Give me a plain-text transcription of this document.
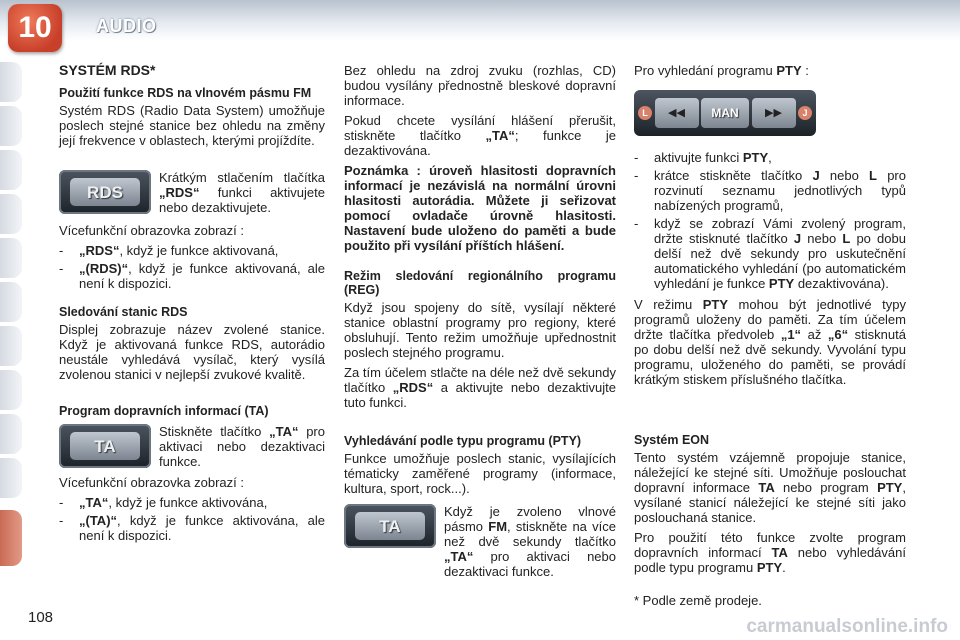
10	AUDIO
SYSTÉM RDS*
Použití funkce RDS na vlnovém pásmu FM

Systém RDS (Radio Data System) umožňuje poslech stejné stanice bez ohledu na změny její frekvence v oblastech, kterými projíždíte.

RDS

Krátkým stlačením tlačítka „RDS“ funkci aktivujete nebo dezaktivujete.

Vícefunkční obrazovka zobrazí :

- „RDS“, když je funkce aktivovaná,
- „(RDS)“, když je funkce aktivovaná, ale není k dispozici.
Sledování stanic RDS

Displej zobrazuje název zvolené stanice. Když je aktivovaná funkce RDS, autorádio neustále vyhledává vysílač, který vysílá zvolenou stanici v nejlepší zvukové kvalitě.

Program dopravních informací (TA)
TA

Stiskněte tlačítko „TA“ pro aktivaci nebo dezaktivaci funkce.

Vícefunkční obrazovka zobrazí :

- „TA“, když je funkce aktivována,
- „(TA)“, když je funkce aktivována, ale není k dispozici.

Bez ohledu na zdroj zvuku (rozhlas, CD) budou vysílány přednostně bleskové dopravní informace.

Pokud chcete vysílání hlášení přerušit, stiskněte tlačítko „TA“; funkce je dezaktivována.

Poznámka : úroveň hlasitosti dopravních informací je nezávislá na normální úrovni hlasitosti autorádia. Můžete ji seřizovat pomocí ovladače úrovně hlasitosti. Nastavení bude uloženo do paměti a bude použito při vysílání příštích hlášení.

Režim sledování regionálního programu (REG)

Když jsou spojeny do sítě, vysílají některé stanice oblastní programy pro regiony, které obsluhují. Tento režim umožňuje upřednostnit poslech stejného programu.

Za tím účelem stlačte na déle než dvě sekundy tlačítko „RDS“ a aktivujte nebo dezaktivujte tuto funkci.

Vyhledávání podle typu programu (PTY)

Funkce umožňuje poslech stanic, vysílajících tématicky zaměřené programy (informace, kultura, sport, rock...).

TA

Když je zvoleno vlnové pásmo FM, stiskněte na více než dvě sekundy tlačítko „TA“ pro aktivaci nebo dezaktivaci funkce.

Pro vyhledání programu PTY :

L	◀◀	MAN	▶▶	J
- aktivujte funkci PTY,
- krátce stiskněte tlačítko J nebo L pro rozvinutí seznamu jednotlivých typů nabízených programů,
- když se zobrazí Vámi zvolený program, držte stisknuté tlačítko J nebo L po dobu delší než dvě sekundy pro uskutečnění automatického vyhledání (po automatickém vyhledání je funkce PTY dezaktivována).

V režimu PTY mohou být jednotlivé typy programů uloženy do paměti. Za tím účelem držte tlačítka předvoleb „1“ až „6“ stisknutá po dobu delší než dvě sekundy. Vyvolání typu programu, uloženého do paměti, se provádí krátkým stiskem příslušného tlačítka.

Systém EON

Tento systém vzájemně propojuje stanice, náležející ke stejné síti. Umožňuje poslouchat dopravní informace TA nebo program PTY, vysílané stanicí náležející ke stejné síti jako poslouchaná stanice.

Pro použití této funkce zvolte program dopravních informací TA nebo vyhledávání podle typu programu PTY.

* Podle země prodeje.

108	carmanualsonline.info
